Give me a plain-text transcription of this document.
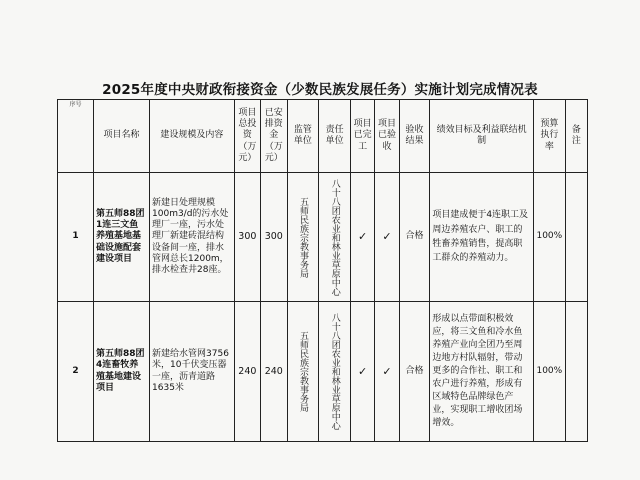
2025年度中央财政衔接资金（少数民族发展任务）实施计划完成情况表
序号	项目名称	建设规模及内容	项目总投资（万元）	已安排资金（万元）	监管单位	责任单位	项目已完工	项目已验收	验收结果	绩效目标及利益联结机制	预算执行率	备注
1	第五师88团1连三文鱼养殖基地基础设施配套建设项目	新建日处理规模100m3/d的污水处理厂一座，污水处理厂新建砖混结构设备间一座，排水管网总长1200m，排水检查井28座。	300	300	五师民族宗教事务局	八十八团农业和林业草原中心	✓	✓	合格	项目建成便于4连职工及周边养殖农户、职工的牲畜养殖销售，提高职工群众的养殖动力。	100%	
2	第五师88团4连畜牧养殖基地建设项目	新建给水管网3756米，10千伏变压器一座，沥青道路1635米	240	240	五师民族宗教事务局	八十八团农业和林业草原中心	✓	✓	合格	形成以点带面积极效应，将三文鱼和冷水鱼养殖产业向全团乃至周边地方村队辐射，带动更多的合作社、职工和农户进行养殖，形成有区域特色品牌绿色产业，实现职工增收团场增效。	100%	
